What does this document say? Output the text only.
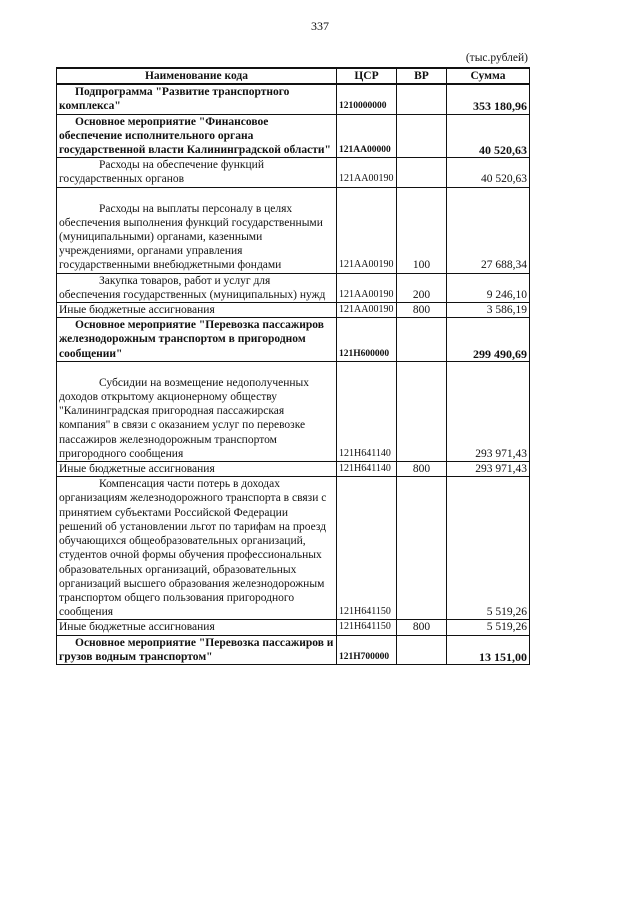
337
(тыс.рублей)
Наименование кода	ЦСР	ВР	Сумма
Подпрограмма "Развитие транспортного комплекса"	1210000000		353 180,96
Основное мероприятие "Финансовое обеспечение исполнительного органа государственной власти Калининградской области"	121АА00000		40 520,63
Расходы на обеспечение функций государственных органов	121АА00190		40 520,63
Расходы на выплаты персоналу в целях обеспечения выполнения функций государственными (муниципальными) органами, казенными учреждениями, органами управления государственными внебюджетными фондами	121АА00190	100	27 688,34
Закупка товаров, работ и услуг для обеспечения государственных (муниципальных) нужд	121АА00190	200	9 246,10
Иные бюджетные ассигнования	121АА00190	800	3 586,19
Основное мероприятие "Перевозка пассажиров железнодорожным транспортом в пригородном сообщении"	121Н600000		299 490,69
Субсидии на возмещение недополученных доходов открытому акционерному обществу "Калининградская пригородная пассажирская компания" в связи с оказанием услуг по перевозке пассажиров железнодорожным транспортом пригородного сообщения	121Н641140		293 971,43
Иные бюджетные ассигнования	121Н641140	800	293 971,43
Компенсация части потерь в доходах организациям железнодорожного транспорта в связи с принятием субъектами Российской Федерации решений об установлении льгот по тарифам на проезд обучающихся общеобразовательных организаций, студентов очной формы обучения профессиональных образовательных организаций, образовательных организаций высшего образования железнодорожным транспортом общего пользования пригородного сообщения	121Н641150		5 519,26
Иные бюджетные ассигнования	121Н641150	800	5 519,26
Основное мероприятие "Перевозка пассажиров и грузов водным транспортом"	121Н700000		13 151,00
